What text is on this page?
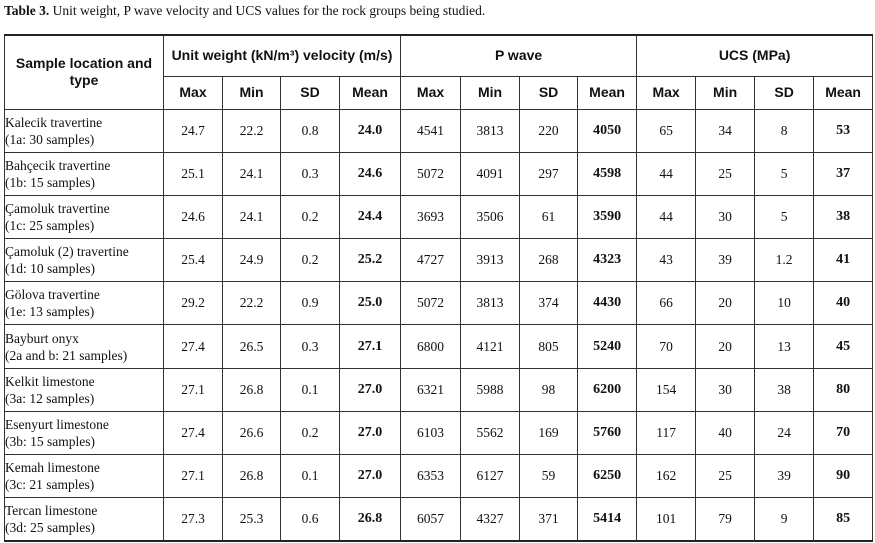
Table 3. Unit weight, P wave velocity and UCS values for the rock groups being studied.
Sample location and type	Unit weight (kN/m³) velocity (m/s)				P wave				UCS (MPa)			
	Max	Min	SD	Mean	Max	Min	SD	Mean	Max	Min	SD	Mean
Kalecik travertine
(1a: 30 samples)	24.7	22.2	0.8	24.0	4541	3813	220	4050	65	34	8	53
Bahçecik travertine
(1b: 15 samples)	25.1	24.1	0.3	24.6	5072	4091	297	4598	44	25	5	37
Çamoluk travertine
(1c: 25 samples)	24.6	24.1	0.2	24.4	3693	3506	61	3590	44	30	5	38
Çamoluk (2) travertine
(1d: 10 samples)	25.4	24.9	0.2	25.2	4727	3913	268	4323	43	39	1.2	41
Gölova travertine
(1e: 13 samples)	29.2	22.2	0.9	25.0	5072	3813	374	4430	66	20	10	40
Bayburt onyx
(2a and b: 21 samples)	27.4	26.5	0.3	27.1	6800	4121	805	5240	70	20	13	45
Kelkit limestone
(3a: 12 samples)	27.1	26.8	0.1	27.0	6321	5988	98	6200	154	30	38	80
Esenyurt limestone
(3b: 15 samples)	27.4	26.6	0.2	27.0	6103	5562	169	5760	117	40	24	70
Kemah limestone
(3c: 21 samples)	27.1	26.8	0.1	27.0	6353	6127	59	6250	162	25	39	90
Tercan limestone
(3d: 25 samples)	27.3	25.3	0.6	26.8	6057	4327	371	5414	101	79	9	85
